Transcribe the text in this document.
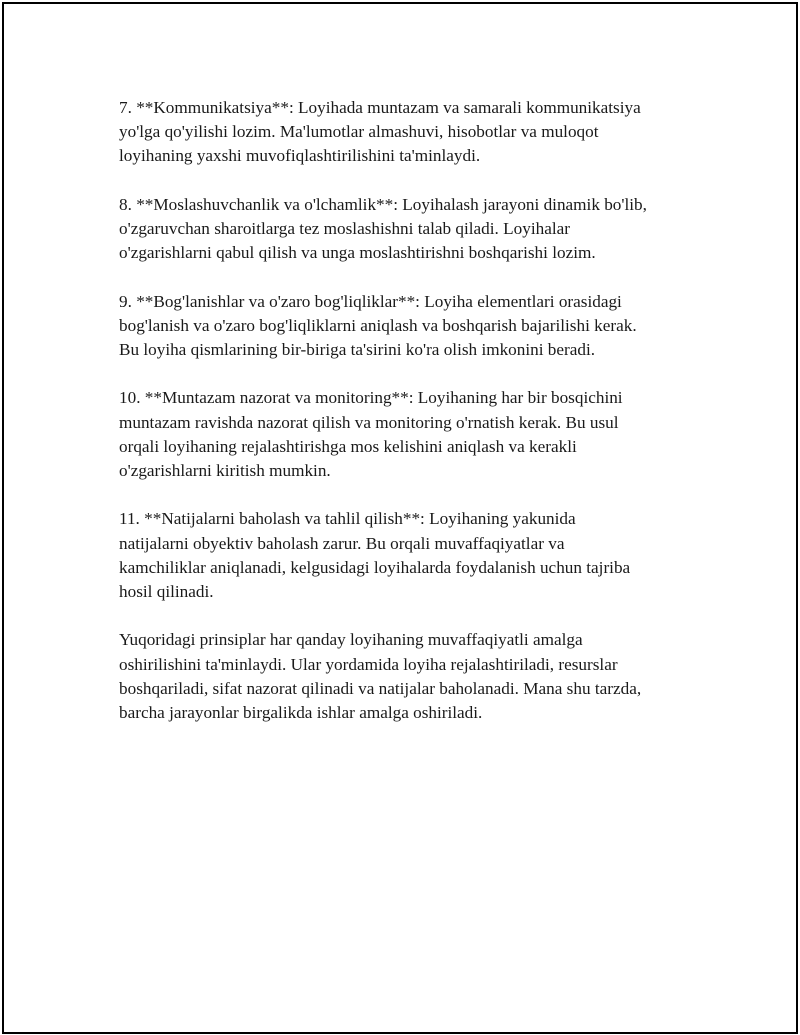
7. **Kommunikatsiya**: Loyihada muntazam va samarali kommunikatsiya
yo'lga qo'yilishi lozim. Ma'lumotlar almashuvi, hisobotlar va muloqot
loyihaning yaxshi muvofiqlashtirilishini ta'minlaydi.

8. **Moslashuvchanlik va o'lchamlik**: Loyihalash jarayoni dinamik bo'lib,
o'zgaruvchan sharoitlarga tez moslashishni talab qiladi. Loyihalar
o'zgarishlarni qabul qilish va unga moslashtirishni boshqarishi lozim.

9. **Bog'lanishlar va o'zaro bog'liqliklar**: Loyiha elementlari orasidagi
bog'lanish va o'zaro bog'liqliklarni aniqlash va boshqarish bajarilishi kerak.
Bu loyiha qismlarining bir-biriga ta'sirini ko'ra olish imkonini beradi.

10. **Muntazam nazorat va monitoring**: Loyihaning har bir bosqichini
muntazam ravishda nazorat qilish va monitoring o'rnatish kerak. Bu usul
orqali loyihaning rejalashtirishga mos kelishini aniqlash va kerakli
o'zgarishlarni kiritish mumkin.

11. **Natijalarni baholash va tahlil qilish**: Loyihaning yakunida
natijalarni obyektiv baholash zarur. Bu orqali muvaffaqiyatlar va
kamchiliklar aniqlanadi, kelgusidagi loyihalarda foydalanish uchun tajriba
hosil qilinadi.

Yuqoridagi prinsiplar har qanday loyihaning muvaffaqiyatli amalga
oshirilishini ta'minlaydi. Ular yordamida loyiha rejalashtiriladi, resurslar
boshqariladi, sifat nazorat qilinadi va natijalar baholanadi. Mana shu tarzda,
barcha jarayonlar birgalikda ishlar amalga oshiriladi.
